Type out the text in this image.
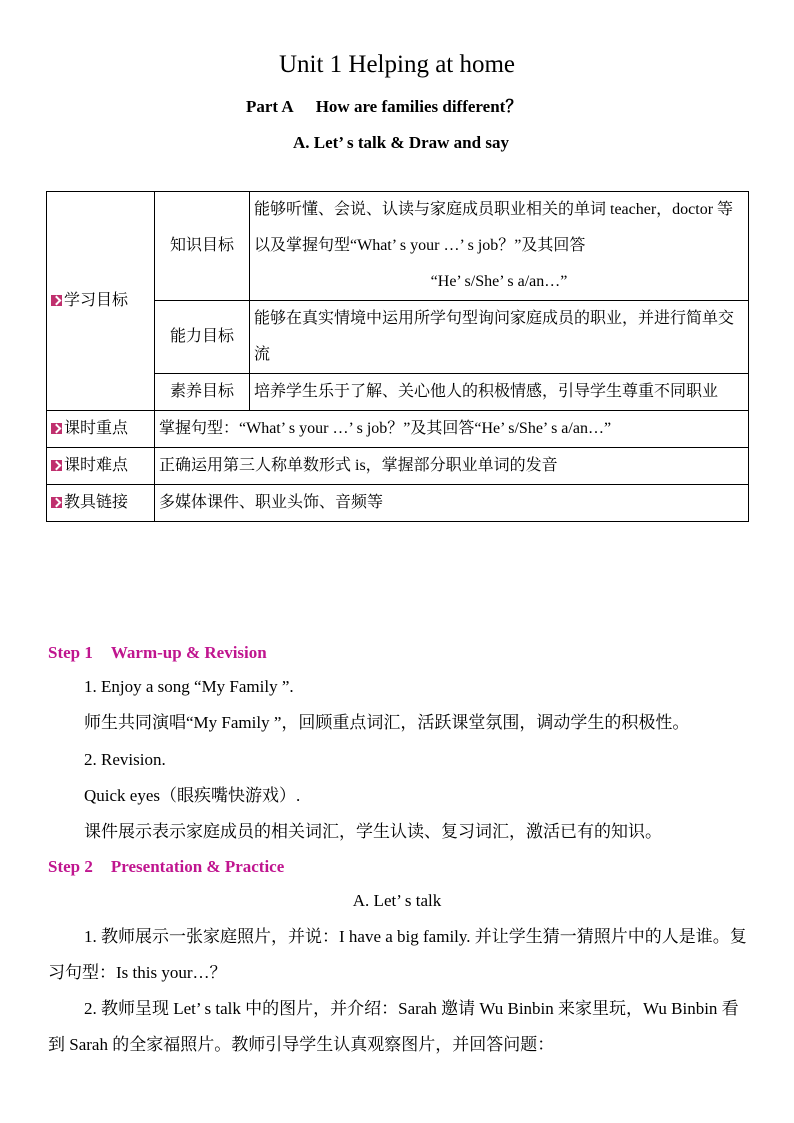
Unit 1 Helping at home
Part A How are families different？
A. Let’ s talk & Draw and say
学习目标	知识目标	能够听懂、会说、认读与家庭成员职业相关的单词 teacher，doctor 等以及掌握句型“What’ s your …’ s job？”及其回答
“He’ s/She’ s a/an…”

	能力目标	能够在真实情境中运用所学句型询问家庭成员的职业，并进行简单交流
	素养目标	培养学生乐于了解、关心他人的积极情感，引导学生尊重不同职业
课时重点	掌握句型：“What’ s your …’ s job？”及其回答“He’ s/She’ s a/an…”	
课时难点	正确运用第三人称单数形式 is，掌握部分职业单词的发音	
教具链接	多媒体课件、职业头饰、音频等	
Step 1 Warm-up & Revision
1. Enjoy a song “My Family ”.
师生共同演唱“My Family ”，回顾重点词汇，活跃课堂氛围，调动学生的积极性。
2. Revision.
Quick eyes（眼疾嘴快游戏）.
课件展示表示家庭成员的相关词汇，学生认读、复习词汇，激活已有的知识。
Step 2 Presentation & Practice
A. Let’ s talk
1. 教师展示一张家庭照片，并说：I have a big family. 并让学生猜一猜照片中的人是谁。复习句型：Is this your…？
2. 教师呈现 Let’ s talk 中的图片，并介绍：Sarah 邀请 Wu Binbin 来家里玩，Wu Binbin 看到 Sarah 的全家福照片。教师引导学生认真观察图片，并回答问题：
